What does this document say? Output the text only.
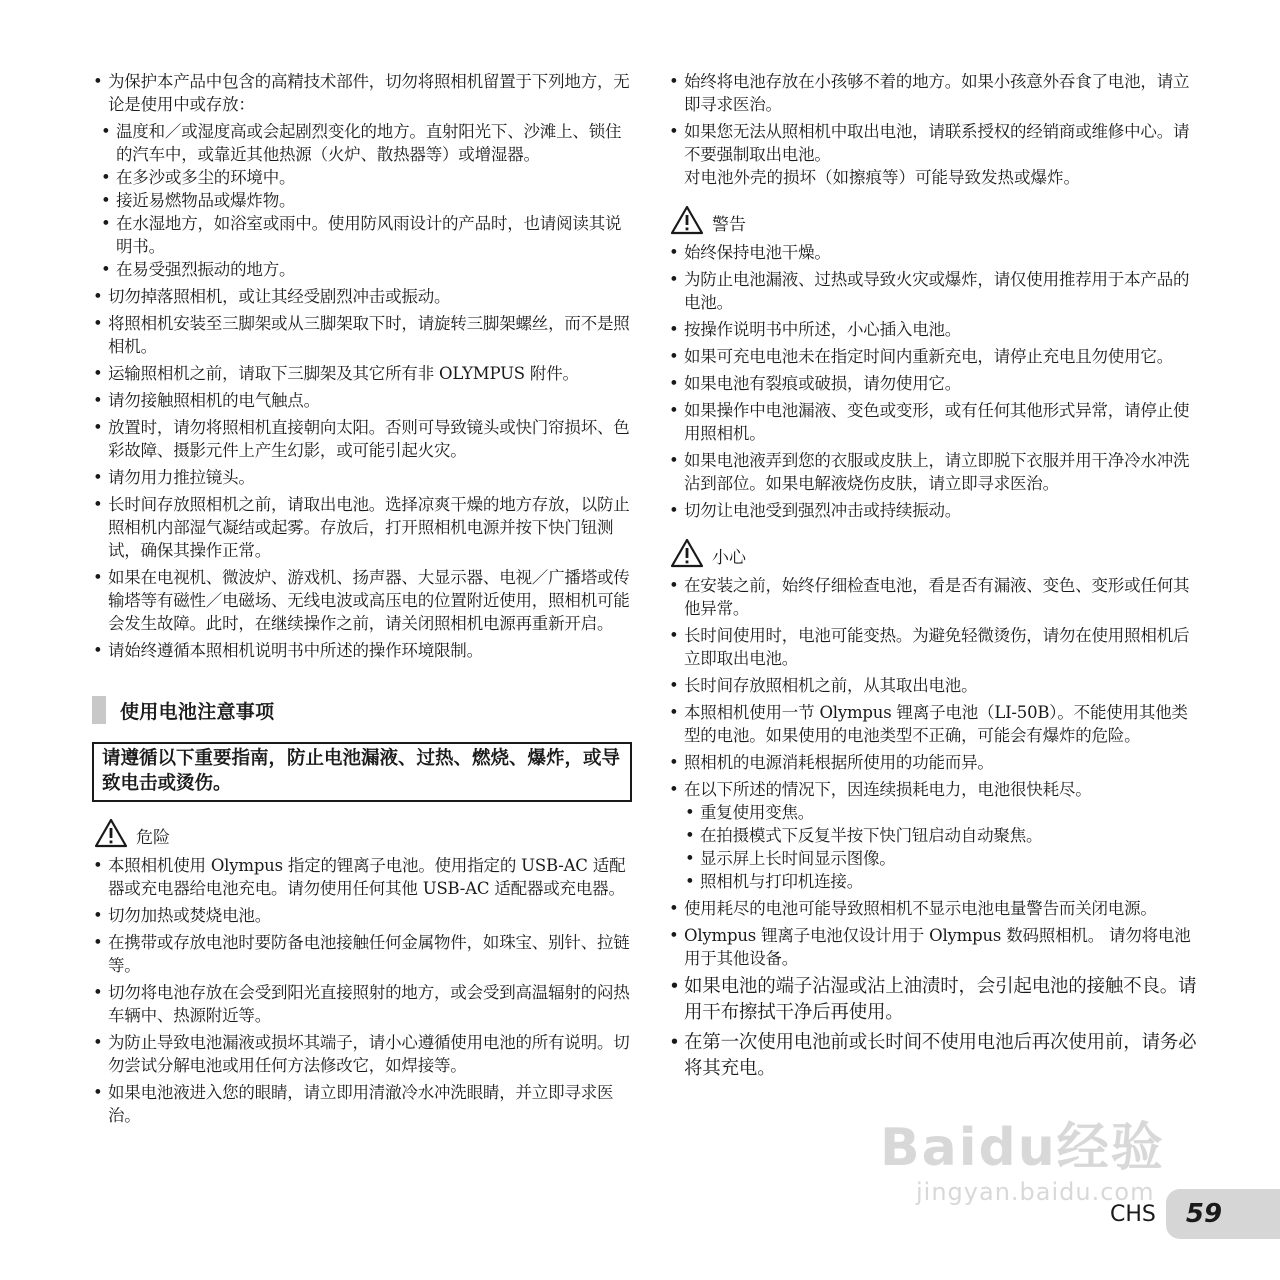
• 为保护本产品中包含的高精技术部件，切勿将照相机留置于下列地方，无论是使用中或存放：
• 温度和／或湿度高或会起剧烈变化的地方。直射阳光下、沙滩上、锁住的汽车中，或靠近其他热源（火炉、散热器等）或增湿器。
• 在多沙或多尘的环境中。
• 接近易燃物品或爆炸物。
• 在水湿地方，如浴室或雨中。使用防风雨设计的产品时，也请阅读其说明书。
• 在易受强烈振动的地方。
• 切勿掉落照相机，或让其经受剧烈冲击或振动。
• 将照相机安装至三脚架或从三脚架取下时，请旋转三脚架螺丝，而不是照相机。
• 运输照相机之前，请取下三脚架及其它所有非 OLYMPUS 附件。
• 请勿接触照相机的电气触点。
• 放置时，请勿将照相机直接朝向太阳。否则可导致镜头或快门帘损坏、色彩故障、摄影元件上产生幻影，或可能引起火灾。
• 请勿用力推拉镜头。
• 长时间存放照相机之前，请取出电池。选择凉爽干燥的地方存放，以防止照相机内部湿气凝结或起雾。存放后，打开照相机电源并按下快门钮测试，确保其操作正常。
• 如果在电视机、微波炉、游戏机、扬声器、大显示器、电视／广播塔或传输塔等有磁性／电磁场、无线电波或高压电的位置附近使用，照相机可能会发生故障。此时，在继续操作之前，请关闭照相机电源再重新开启。
• 请始终遵循本照相机说明书中所述的操作环境限制。
使用电池注意事项
请遵循以下重要指南，防止电池漏液、过热、燃烧、爆炸，或导致电击或烫伤。
危险
• 本照相机使用 Olympus 指定的锂离子电池。使用指定的 USB-AC 适配器或充电器给电池充电。请勿使用任何其他 USB-AC 适配器或充电器。
• 切勿加热或焚烧电池。
• 在携带或存放电池时要防备电池接触任何金属物件，如珠宝、别针、拉链等。
• 切勿将电池存放在会受到阳光直接照射的地方，或会受到高温辐射的闷热车辆中、热源附近等。
• 为防止导致电池漏液或损坏其端子，请小心遵循使用电池的所有说明。切勿尝试分解电池或用任何方法修改它，如焊接等。
• 如果电池液进入您的眼睛，请立即用清澈冷水冲洗眼睛，并立即寻求医治。
• 始终将电池存放在小孩够不着的地方。如果小孩意外吞食了电池，请立即寻求医治。
• 如果您无法从照相机中取出电池，请联系授权的经销商或维修中心。请不要强制取出电池。
对电池外壳的损坏（如擦痕等）可能导致发热或爆炸。
警告
• 始终保持电池干燥。
• 为防止电池漏液、过热或导致火灾或爆炸，请仅使用推荐用于本产品的电池。
• 按操作说明书中所述，小心插入电池。
• 如果可充电电池未在指定时间内重新充电，请停止充电且勿使用它。
• 如果电池有裂痕或破损，请勿使用它。
• 如果操作中电池漏液、变色或变形，或有任何其他形式异常，请停止使用照相机。
• 如果电池液弄到您的衣服或皮肤上，请立即脱下衣服并用干净冷水冲洗沾到部位。如果电解液烧伤皮肤，请立即寻求医治。
• 切勿让电池受到强烈冲击或持续振动。
小心
• 在安装之前，始终仔细检查电池，看是否有漏液、变色、变形或任何其他异常。
• 长时间使用时，电池可能变热。为避免轻微烫伤，请勿在使用照相机后立即取出电池。
• 长时间存放照相机之前，从其取出电池。
• 本照相机使用一节 Olympus 锂离子电池（LI-50B）。不能使用其他类型的电池。如果使用的电池类型不正确，可能会有爆炸的危险。
• 照相机的电源消耗根据所使用的功能而异。
• 在以下所述的情况下，因连续损耗电力，电池很快耗尽。
• 重复使用变焦。
• 在拍摄模式下反复半按下快门钮启动自动聚焦。
• 显示屏上长时间显示图像。
• 照相机与打印机连接。
• 使用耗尽的电池可能导致照相机不显示电池电量警告而关闭电源。
• Olympus 锂离子电池仅设计用于 Olympus 数码照相机。 请勿将电池用于其他设备。
• 如果电池的端子沾湿或沾上油渍时，会引起电池的接触不良。请用干布擦拭干净后再使用。
• 在第一次使用电池前或长时间不使用电池后再次使用前，请务必将其充电。
Baidu经验
jingyan.baidu.com
CHS 59
